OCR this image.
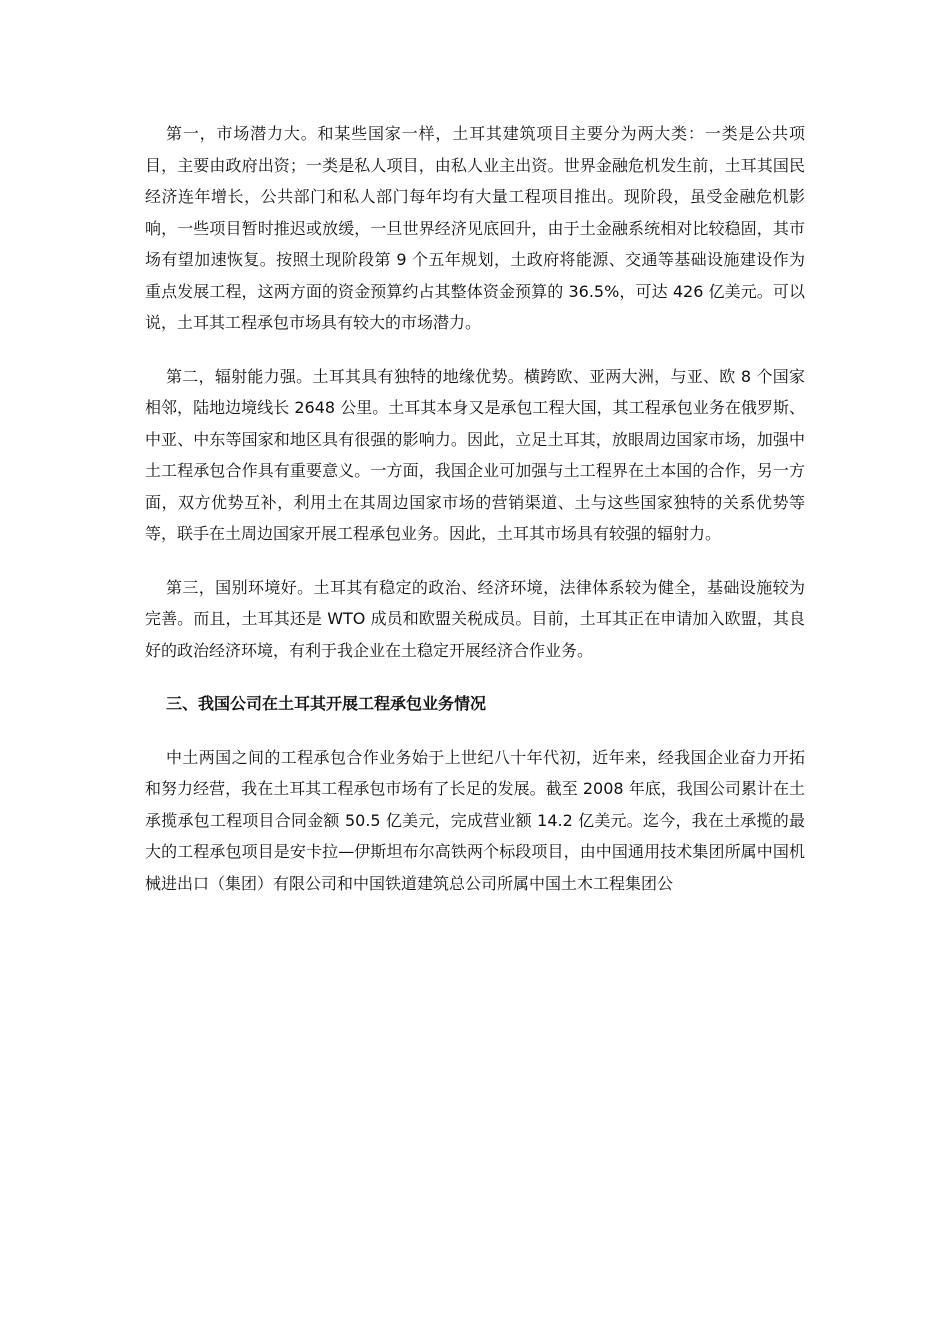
第一，市场潜力大。和某些国家一样，土耳其建筑项目主要分为两大类：一类是公共项目，主要由政府出资；一类是私人项目，由私人业主出资。世界金融危机发生前，土耳其国民经济连年增长，公共部门和私人部门每年均有大量工程项目推出。现阶段，虽受金融危机影响，一些项目暂时推迟或放缓，一旦世界经济见底回升，由于土金融系统相对比较稳固，其市场有望加速恢复。按照土现阶段第 9 个五年规划，土政府将能源、交通等基础设施建设作为重点发展工程，这两方面的资金预算约占其整体资金预算的 36.5%，可达 426 亿美元。可以说，土耳其工程承包市场具有较大的市场潜力。

第二，辐射能力强。土耳其具有独特的地缘优势。横跨欧、亚两大洲，与亚、欧 8 个国家相邻，陆地边境线长 2648 公里。土耳其本身又是承包工程大国，其工程承包业务在俄罗斯、中亚、中东等国家和地区具有很强的影响力。因此，立足土耳其，放眼周边国家市场，加强中土工程承包合作具有重要意义。一方面，我国企业可加强与土工程界在土本国的合作，另一方面，双方优势互补，利用土在其周边国家市场的营销渠道、土与这些国家独特的关系优势等等，联手在土周边国家开展工程承包业务。因此，土耳其市场具有较强的辐射力。

第三，国别环境好。土耳其有稳定的政治、经济环境，法律体系较为健全，基础设施较为完善。而且，土耳其还是 WTO 成员和欧盟关税成员。目前，土耳其正在申请加入欧盟，其良好的政治经济环境，有利于我企业在土稳定开展经济合作业务。

三、我国公司在土耳其开展工程承包业务情况

中土两国之间的工程承包合作业务始于上世纪八十年代初，近年来，经我国企业奋力开拓和努力经营，我在土耳其工程承包市场有了长足的发展。截至 2008 年底，我国公司累计在土承揽承包工程项目合同金额 50.5 亿美元，完成营业额 14.2 亿美元。迄今，我在土承揽的最大的工程承包项目是安卡拉—伊斯坦布尔高铁两个标段项目，由中国通用技术集团所属中国机械进出口（集团）有限公司和中国铁道建筑总公司所属中国土木工程集团公
